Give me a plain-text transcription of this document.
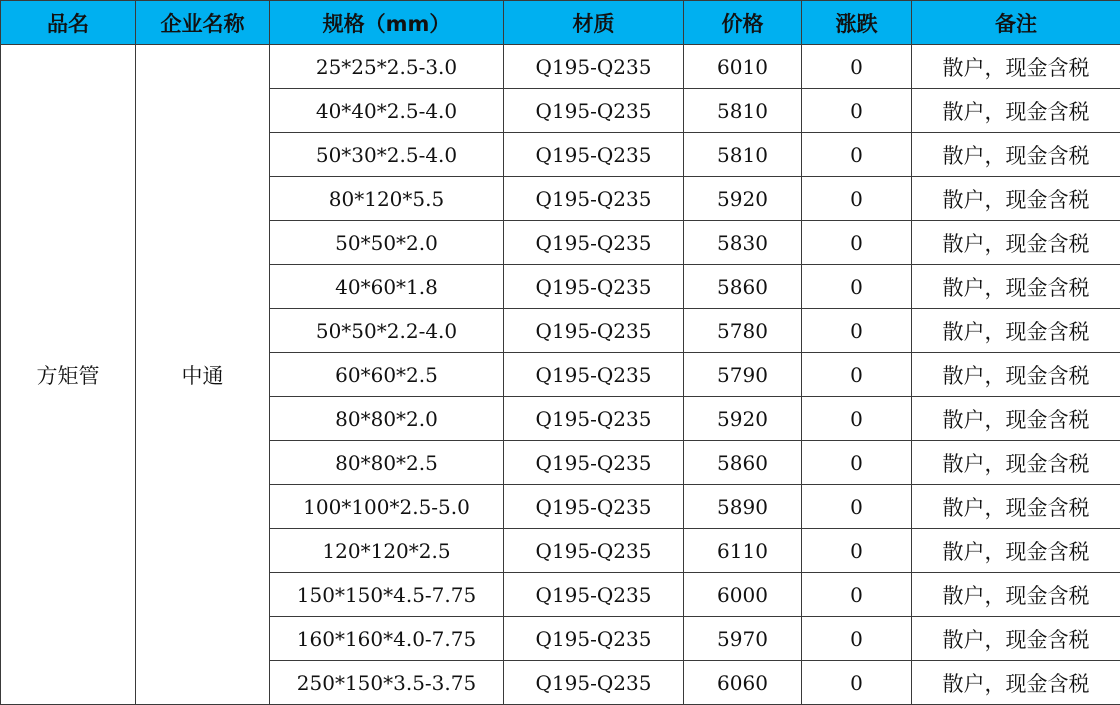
品名	企业名称	规格（mm）	材质	价格	涨跌	备注
方矩管	中通	25*25*2.5-3.0	Q195-Q235	6010	0	散户，现金含税
		40*40*2.5-4.0	Q195-Q235	5810	0	散户，现金含税
		50*30*2.5-4.0	Q195-Q235	5810	0	散户，现金含税
		80*120*5.5	Q195-Q235	5920	0	散户，现金含税
		50*50*2.0	Q195-Q235	5830	0	散户，现金含税
		40*60*1.8	Q195-Q235	5860	0	散户，现金含税
		50*50*2.2-4.0	Q195-Q235	5780	0	散户，现金含税
		60*60*2.5	Q195-Q235	5790	0	散户，现金含税
		80*80*2.0	Q195-Q235	5920	0	散户，现金含税
		80*80*2.5	Q195-Q235	5860	0	散户，现金含税
		100*100*2.5-5.0	Q195-Q235	5890	0	散户，现金含税
		120*120*2.5	Q195-Q235	6110	0	散户，现金含税
		150*150*4.5-7.75	Q195-Q235	6000	0	散户，现金含税
		160*160*4.0-7.75	Q195-Q235	5970	0	散户，现金含税
		250*150*3.5-3.75	Q195-Q235	6060	0	散户，现金含税
